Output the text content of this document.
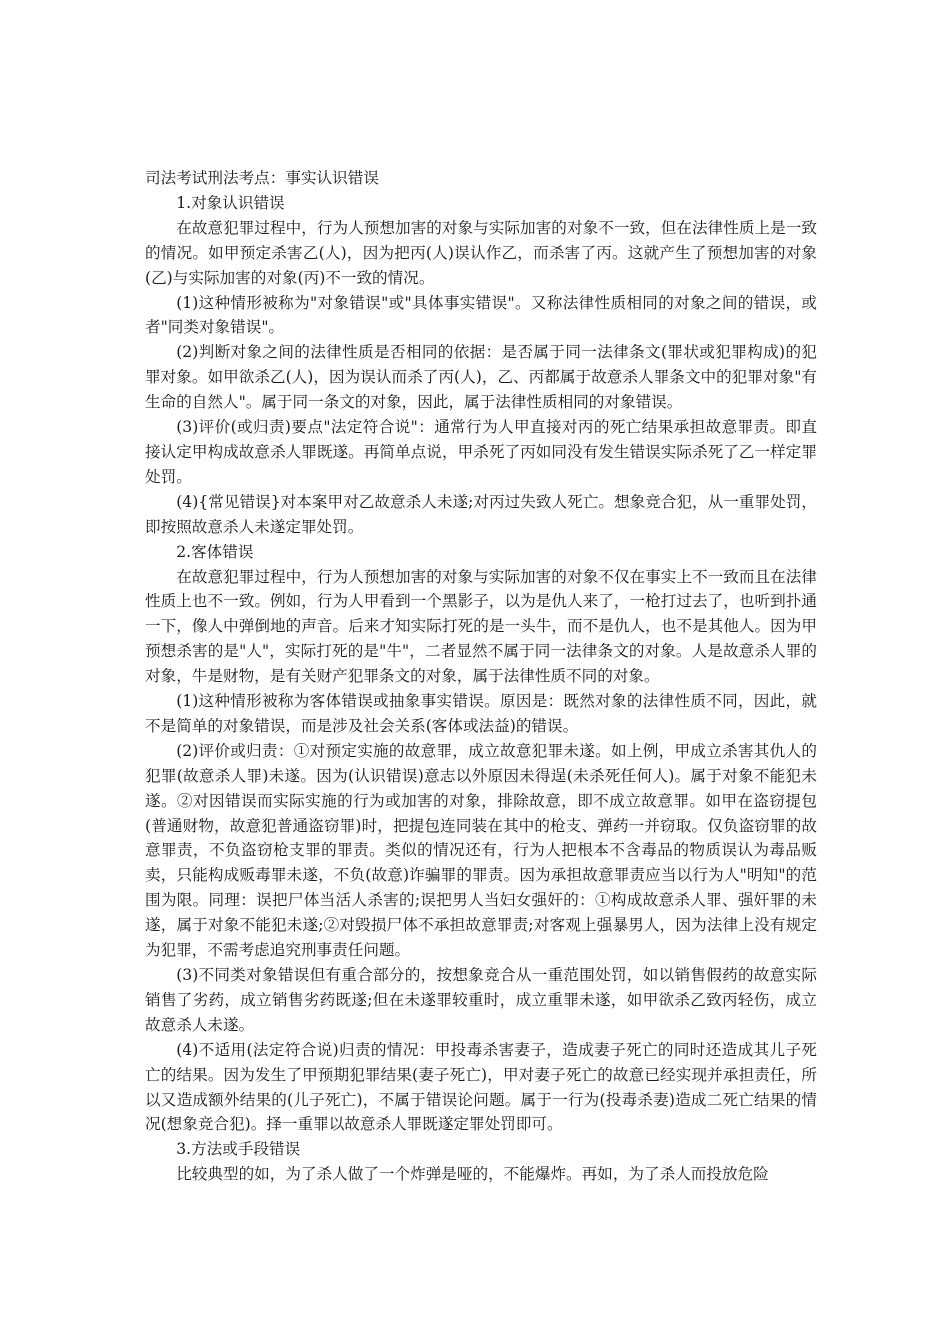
司法考试刑法考点：事实认识错误

1.对象认识错误

在故意犯罪过程中，行为人预想加害的对象与实际加害的对象不一致，但在法律性质上是一致的情况。如甲预定杀害乙(人)，因为把丙(人)误认作乙，而杀害了丙。这就产生了预想加害的对象(乙)与实际加害的对象(丙)不一致的情况。

(1)这种情形被称为"对象错误"或"具体事实错误"。又称法律性质相同的对象之间的错误，或者"同类对象错误"。

(2)判断对象之间的法律性质是否相同的依据：是否属于同一法律条文(罪状或犯罪构成)的犯罪对象。如甲欲杀乙(人)，因为误认而杀了丙(人)，乙、丙都属于故意杀人罪条文中的犯罪对象"有生命的自然人"。属于同一条文的对象，因此，属于法律性质相同的对象错误。

(3)评价(或归责)要点"法定符合说"：通常行为人甲直接对丙的死亡结果承担故意罪责。即直接认定甲构成故意杀人罪既遂。再简单点说，甲杀死了丙如同没有发生错误实际杀死了乙一样定罪处罚。

(4){常见错误}对本案甲对乙故意杀人未遂;对丙过失致人死亡。想象竞合犯，从一重罪处罚，即按照故意杀人未遂定罪处罚。

2.客体错误

在故意犯罪过程中，行为人预想加害的对象与实际加害的对象不仅在事实上不一致而且在法律性质上也不一致。例如，行为人甲看到一个黑影子，以为是仇人来了，一枪打过去了，也听到扑通一下，像人中弹倒地的声音。后来才知实际打死的是一头牛，而不是仇人，也不是其他人。因为甲预想杀害的是"人"，实际打死的是"牛"，二者显然不属于同一法律条文的对象。人是故意杀人罪的对象，牛是财物，是有关财产犯罪条文的对象，属于法律性质不同的对象。

(1)这种情形被称为客体错误或抽象事实错误。原因是：既然对象的法律性质不同，因此，就不是简单的对象错误，而是涉及社会关系(客体或法益)的错误。

(2)评价或归责：①对预定实施的故意罪，成立故意犯罪未遂。如上例，甲成立杀害其仇人的犯罪(故意杀人罪)未遂。因为(认识错误)意志以外原因未得逞(未杀死任何人)。属于对象不能犯未遂。②对因错误而实际实施的行为或加害的对象，排除故意，即不成立故意罪。如甲在盗窃提包(普通财物，故意犯普通盗窃罪)时，把提包连同装在其中的枪支、弹药一并窃取。仅负盗窃罪的故意罪责，不负盗窃枪支罪的罪责。类似的情况还有，行为人把根本不含毒品的物质误认为毒品贩卖，只能构成贩毒罪未遂，不负(故意)诈骗罪的罪责。因为承担故意罪责应当以行为人"明知"的范围为限。同理：误把尸体当活人杀害的;误把男人当妇女强奸的：①构成故意杀人罪、强奸罪的未遂，属于对象不能犯未遂;②对毁损尸体不承担故意罪责;对客观上强暴男人，因为法律上没有规定为犯罪，不需考虑追究刑事责任问题。

(3)不同类对象错误但有重合部分的，按想象竞合从一重范围处罚，如以销售假药的故意实际销售了劣药，成立销售劣药既遂;但在未遂罪较重时，成立重罪未遂，如甲欲杀乙致丙轻伤，成立故意杀人未遂。

(4)不适用(法定符合说)归责的情况：甲投毒杀害妻子，造成妻子死亡的同时还造成其儿子死亡的结果。因为发生了甲预期犯罪结果(妻子死亡)，甲对妻子死亡的故意已经实现并承担责任，所以又造成额外结果的(儿子死亡)，不属于错误论问题。属于一行为(投毒杀妻)造成二死亡结果的情况(想象竞合犯)。择一重罪以故意杀人罪既遂定罪处罚即可。

3.方法或手段错误

比较典型的如，为了杀人做了一个炸弹是哑的，不能爆炸。再如，为了杀人而投放危险
